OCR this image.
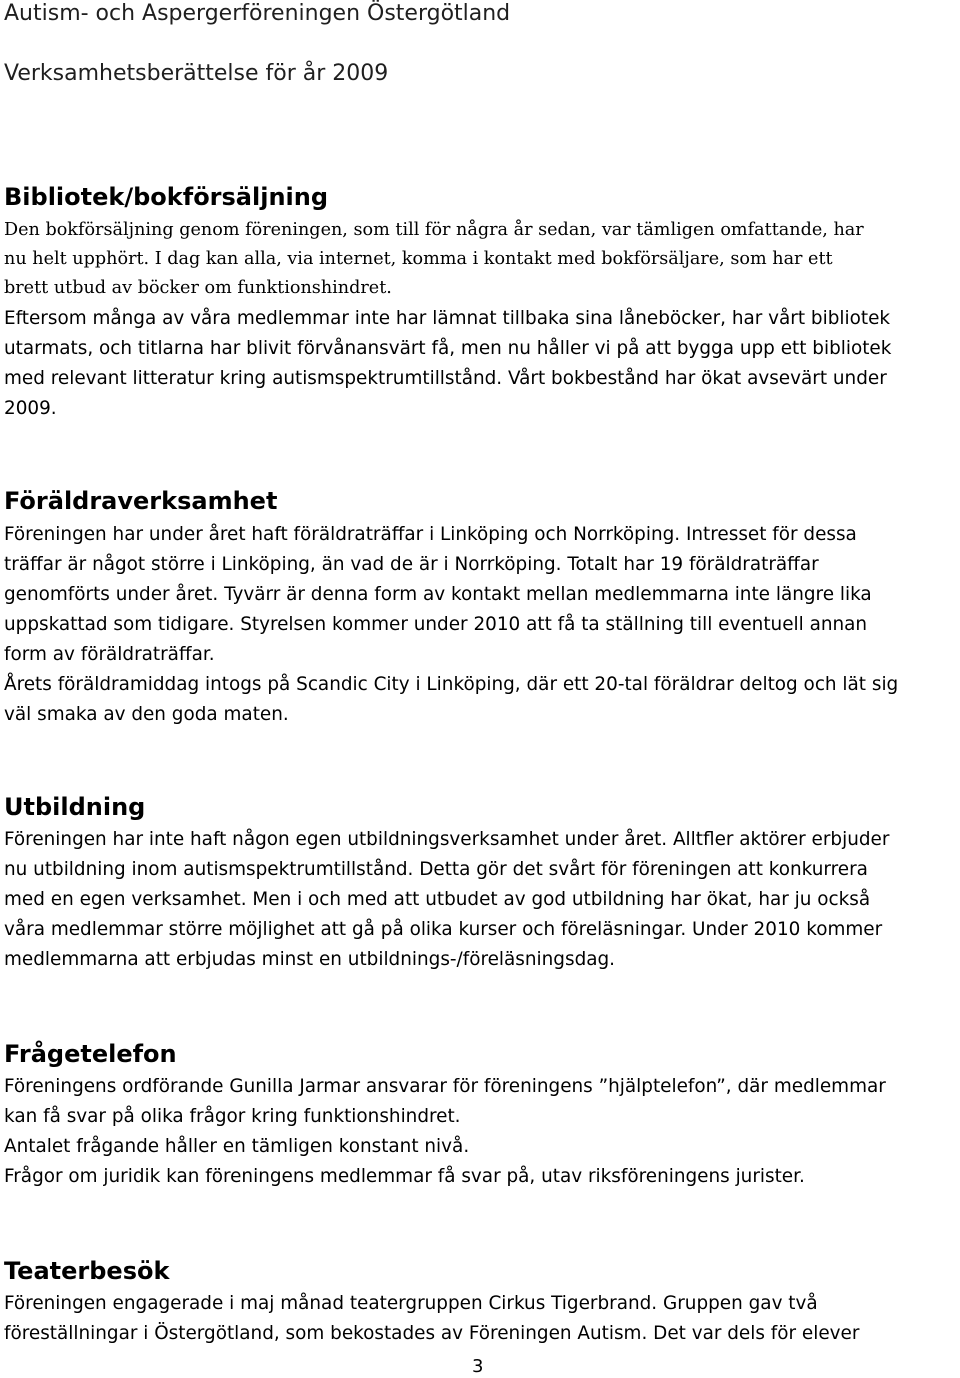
Autism- och Aspergerföreningen Östergötland
Verksamhetsberättelse för år 2009
Bibliotek/bokförsäljning
Den bokförsäljning genom föreningen, som till för några år sedan, var tämligen omfattande, har
nu helt upphört. I dag kan alla, via internet, komma i kontakt med bokförsäljare, som har ett
brett utbud av böcker om funktionshindret.
Eftersom många av våra medlemmar inte har lämnat tillbaka sina låneböcker, har vårt bibliotek
utarmats, och titlarna har blivit förvånansvärt få, men nu håller vi på att bygga upp ett bibliotek
med relevant litteratur kring autismspektrumtillstånd. Vårt bokbestånd har ökat avsevärt under
2009.
Föräldraverksamhet
Föreningen har under året haft föräldraträffar i Linköping och Norrköping. Intresset för dessa
träffar är något större i Linköping, än vad de är i Norrköping. Totalt har 19 föräldraträffar
genomförts under året. Tyvärr är denna form av kontakt mellan medlemmarna inte längre lika
uppskattad som tidigare. Styrelsen kommer under 2010 att få ta ställning till eventuell annan
form av föräldraträffar.
Årets föräldramiddag intogs på Scandic City i Linköping, där ett 20-tal föräldrar deltog och lät sig
väl smaka av den goda maten.
Utbildning
Föreningen har inte haft någon egen utbildningsverksamhet under året. Alltfler aktörer erbjuder
nu utbildning inom autismspektrumtillstånd. Detta gör det svårt för föreningen att konkurrera
med en egen verksamhet. Men i och med att utbudet av god utbildning har ökat, har ju också
våra medlemmar större möjlighet att gå på olika kurser och föreläsningar. Under 2010 kommer
medlemmarna att erbjudas minst en utbildnings-/föreläsningsdag.
Frågetelefon
Föreningens ordförande Gunilla Jarmar ansvarar för föreningens ”hjälptelefon”, där medlemmar
kan få svar på olika frågor kring funktionshindret.
Antalet frågande håller en tämligen konstant nivå.
Frågor om juridik kan föreningens medlemmar få svar på, utav riksföreningens jurister.
Teaterbesök
Föreningen engagerade i maj månad teatergruppen Cirkus Tigerbrand. Gruppen gav två
föreställningar i Östergötland, som bekostades av Föreningen Autism. Det var dels för elever
3
